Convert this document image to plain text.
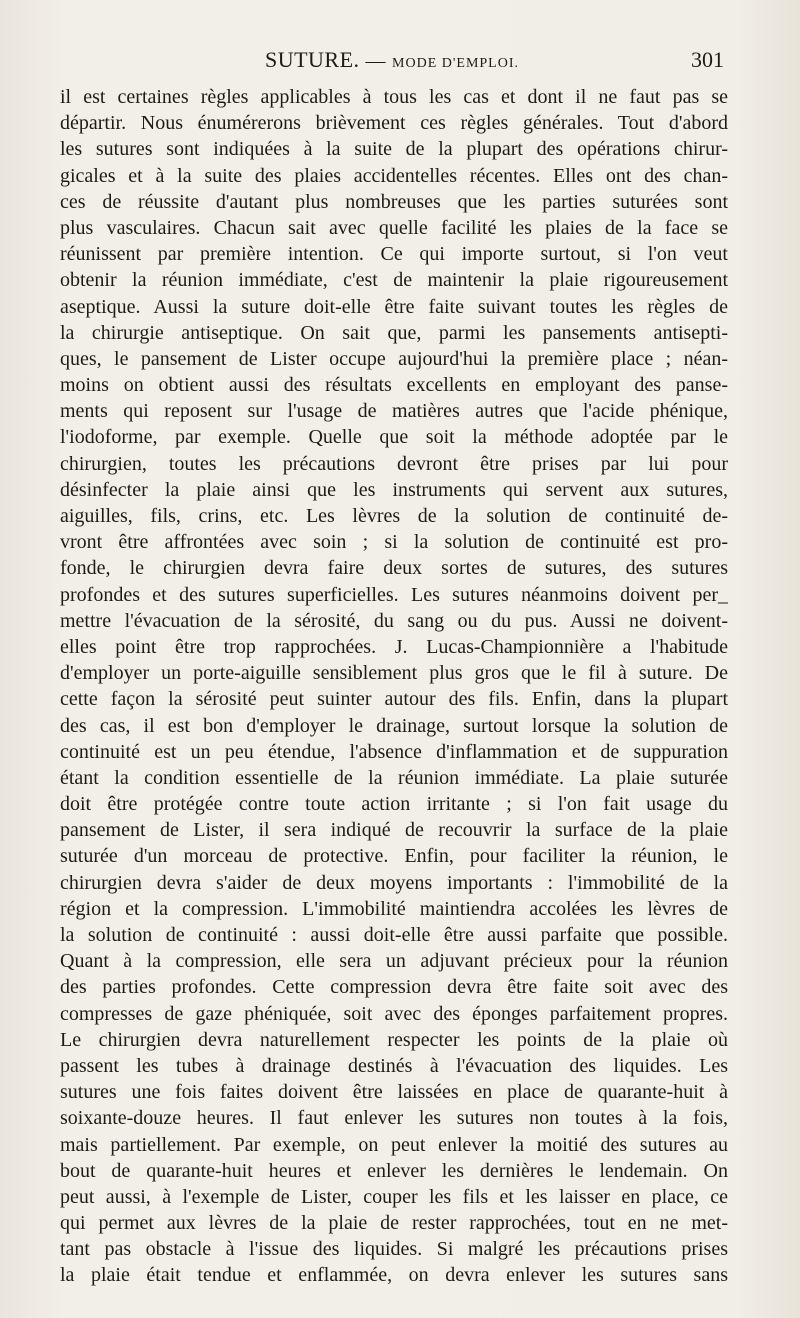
SUTURE. — MODE D'EMPLOI.	301
il est certaines règles applicables à tous les cas et dont il ne faut pas se
départir. Nous énumérerons brièvement ces règles générales. Tout d'abord
les sutures sont indiquées à la suite de la plupart des opérations chirur-
gicales et à la suite des plaies accidentelles récentes. Elles ont des chan-
ces de réussite d'autant plus nombreuses que les parties suturées sont
plus vasculaires. Chacun sait avec quelle facilité les plaies de la face se
réunissent par première intention. Ce qui importe surtout, si l'on veut
obtenir la réunion immédiate, c'est de maintenir la plaie rigoureusement
aseptique. Aussi la suture doit-elle être faite suivant toutes les règles de
la chirurgie antiseptique. On sait que, parmi les pansements antisepti-
ques, le pansement de Lister occupe aujourd'hui la première place ; néan-
moins on obtient aussi des résultats excellents en employant des panse-
ments qui reposent sur l'usage de matières autres que l'acide phénique,
l'iodoforme, par exemple. Quelle que soit la méthode adoptée par le
chirurgien, toutes les précautions devront être prises par lui pour
désinfecter la plaie ainsi que les instruments qui servent aux sutures,
aiguilles, fils, crins, etc. Les lèvres de la solution de continuité de-
vront être affrontées avec soin ; si la solution de continuité est pro-
fonde, le chirurgien devra faire deux sortes de sutures, des sutures
profondes et des sutures superficielles. Les sutures néanmoins doivent per_
mettre l'évacuation de la sérosité, du sang ou du pus. Aussi ne doivent-
elles point être trop rapprochées. J. Lucas-Championnière a l'habitude
d'employer un porte-aiguille sensiblement plus gros que le fil à suture. De
cette façon la sérosité peut suinter autour des fils. Enfin, dans la plupart
des cas, il est bon d'employer le drainage, surtout lorsque la solution de
continuité est un peu étendue, l'absence d'inflammation et de suppuration
étant la condition essentielle de la réunion immédiate. La plaie suturée
doit être protégée contre toute action irritante ; si l'on fait usage du
pansement de Lister, il sera indiqué de recouvrir la surface de la plaie
suturée d'un morceau de protective. Enfin, pour faciliter la réunion, le
chirurgien devra s'aider de deux moyens importants : l'immobilité de la
région et la compression. L'immobilité maintiendra accolées les lèvres de
la solution de continuité : aussi doit-elle être aussi parfaite que possible.
Quant à la compression, elle sera un adjuvant précieux pour la réunion
des parties profondes. Cette compression devra être faite soit avec des
compresses de gaze phéniquée, soit avec des éponges parfaitement propres.
Le chirurgien devra naturellement respecter les points de la plaie où
passent les tubes à drainage destinés à l'évacuation des liquides. Les
sutures une fois faites doivent être laissées en place de quarante-huit à
soixante-douze heures. Il faut enlever les sutures non toutes à la fois,
mais partiellement. Par exemple, on peut enlever la moitié des sutures au
bout de quarante-huit heures et enlever les dernières le lendemain. On
peut aussi, à l'exemple de Lister, couper les fils et les laisser en place, ce
qui permet aux lèvres de la plaie de rester rapprochées, tout en ne met-
tant pas obstacle à l'issue des liquides. Si malgré les précautions prises
la plaie était tendue et enflammée, on devra enlever les sutures sans
